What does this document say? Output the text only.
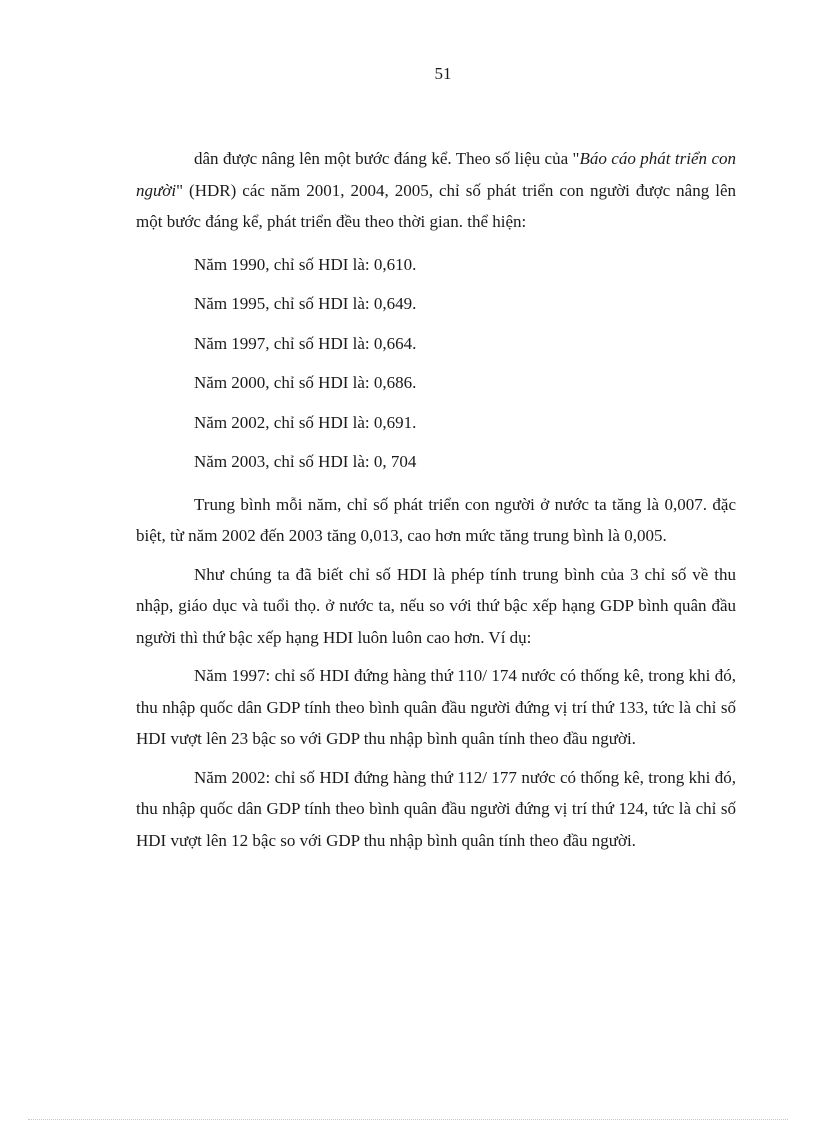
51

dân được nâng lên một bước đáng kể. Theo số liệu của "Báo cáo phát triển con người" (HDR) các năm 2001, 2004, 2005, chỉ số phát triển con người được nâng lên một bước đáng kể, phát triển đều theo thời gian. thể hiện:

Năm 1990, chỉ số HDI là: 0,610.
Năm 1995, chỉ số HDI là: 0,649.
Năm 1997, chỉ số HDI là: 0,664.
Năm 2000, chỉ số HDI là: 0,686.
Năm 2002, chỉ số HDI là: 0,691.
Năm 2003, chỉ số HDI là: 0, 704

Trung bình mỗi năm, chỉ số phát triển con người ở nước ta tăng là 0,007. đặc biệt, từ năm 2002 đến 2003 tăng 0,013, cao hơn mức tăng trung bình là 0,005.

Như chúng ta đã biết chỉ số HDI là phép tính trung bình của 3 chỉ số về thu nhập, giáo dục và tuổi thọ. ở nước ta, nếu so với thứ bậc xếp hạng GDP bình quân đầu người thì thứ bậc xếp hạng HDI luôn luôn cao hơn. Ví dụ:

Năm 1997: chỉ số HDI đứng hàng thứ 110/ 174 nước có thống kê, trong khi đó, thu nhập quốc dân GDP tính theo bình quân đầu người đứng vị trí thứ 133, tức là chỉ số HDI vượt lên 23 bậc so với GDP thu nhập bình quân tính theo đầu người.

Năm 2002: chỉ số HDI đứng hàng thứ 112/ 177 nước có thống kê, trong khi đó, thu nhập quốc dân GDP tính theo bình quân đầu người đứng vị trí thứ 124, tức là chỉ số HDI vượt lên 12 bậc so với GDP thu nhập bình quân tính theo đầu người.
